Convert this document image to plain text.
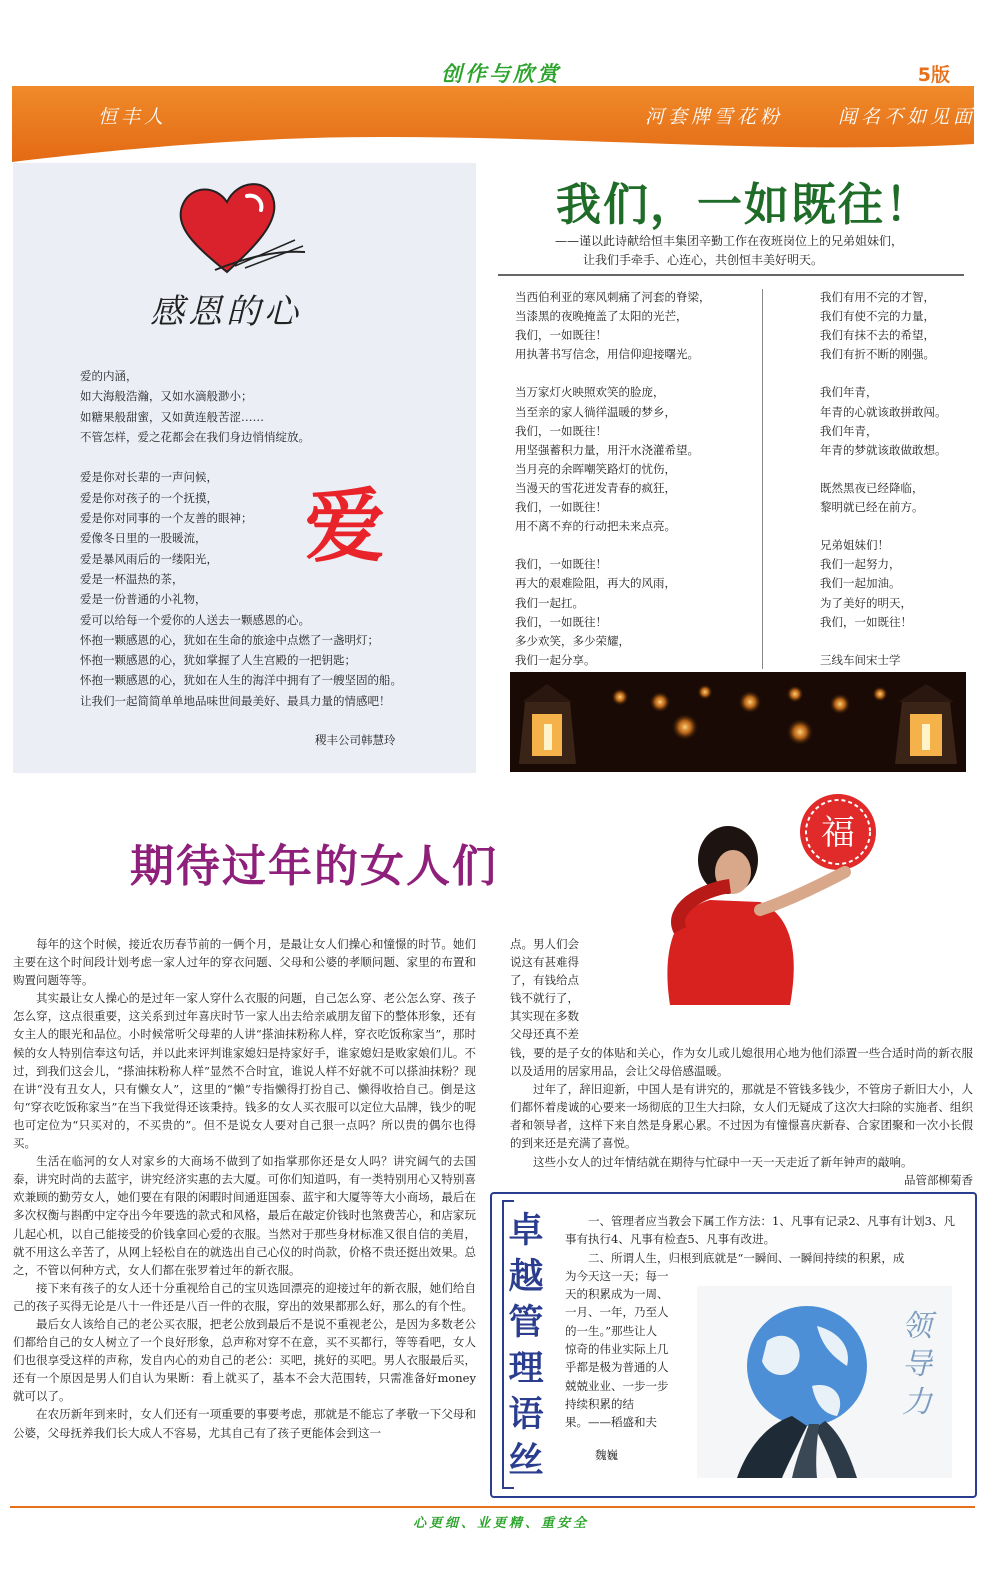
创作与欣赏	5版
恒丰人	河套牌雪花粉	闻名不如见面
感恩的心
爱的内涵，
如大海般浩瀚，又如水滴般渺小；
如糖果般甜蜜，又如黄连般苦涩……
不管怎样，爱之花都会在我们身边悄悄绽放。

爱是你对长辈的一声问候，
爱是你对孩子的一个抚摸，
爱是你对同事的一个友善的眼神；
爱像冬日里的一股暖流，
爱是暴风雨后的一缕阳光，
爱是一杯温热的茶，
爱是一份普通的小礼物，
爱可以给每一个爱你的人送去一颗感恩的心。
怀抱一颗感恩的心，犹如在生命的旅途中点燃了一盏明灯；
怀抱一颗感恩的心，犹如掌握了人生宫殿的一把钥匙；
怀抱一颗感恩的心，犹如在人生的海洋中拥有了一艘坚固的船。
让我们一起简简单单地品味世间最美好、最具力量的情感吧！
爱
稷丰公司韩慧玲
我们，一如既往！
——谨以此诗献给恒丰集团辛勤工作在夜班岗位上的兄弟姐妹们，
让我们手牵手、心连心，共创恒丰美好明天。
当西伯利亚的寒风刺痛了河套的脊梁，
当漆黑的夜晚掩盖了太阳的光芒，
我们，一如既往！
用执著书写信念，用信仰迎接曙光。

当万家灯火映照欢笑的脸庞，
当至亲的家人徜徉温暖的梦乡，
我们，一如既往！
用坚强蓄积力量，用汗水浇灌希望。
当月亮的余晖嘲笑路灯的忧伤，
当漫天的雪花迸发青春的疯狂，
我们，一如既往！
用不离不弃的行动把未来点亮。

我们，一如既往！
再大的艰难险阻，再大的风雨，
我们一起扛。
我们，一如既往！
多少欢笑，多少荣耀，
我们一起分享。
我们有用不完的才智，
我们有使不完的力量，
我们有抹不去的希望，
我们有折不断的刚强。

我们年青，
年青的心就该敢拼敢闯。
我们年青，
年青的梦就该敢做敢想。

既然黑夜已经降临，
黎明就已经在前方。

兄弟姐妹们！
我们一起努力，
我们一起加油。
为了美好的明天，
我们，一如既往！

三线车间宋士学
期待过年的女人们
福

每年的这个时候，接近农历春节前的一俩个月，是最让女人们操心和憧憬的时节。她们主要在这个时间段计划考虑一家人过年的穿衣问题、父母和公婆的孝顺问题、家里的布置和购置问题等等。

其实最让女人操心的是过年一家人穿什么衣服的问题，自己怎么穿、老公怎么穿、孩子怎么穿，这点很重要，这关系到过年喜庆时节一家人出去给亲戚朋友留下的整体形象，还有女主人的眼光和品位。小时候常听父母辈的人讲“搽油抹粉称人样，穿衣吃饭称家当”，那时候的女人特别信奉这句话，并以此来评判谁家媳妇是持家好手，谁家媳妇是败家娘们儿。不过，到我们这会儿，“搽油抹粉称人样”显然不合时宜，谁说人样不好就不可以搽油抹粉？现在讲“没有丑女人，只有懒女人”，这里的“懒”专指懒得打扮自己、懒得收拾自己。倒是这句“穿衣吃饭称家当”在当下我觉得还该秉持。钱多的女人买衣服可以定位大品牌，钱少的呢也可定位为“只买对的，不买贵的”。但不是说女人要对自己狠一点吗？所以贵的偶尔也得买。

生活在临河的女人对家乡的大商场不做到了如指掌那你还是女人吗？讲究阔气的去国泰，讲究时尚的去蓝宇，讲究经济实惠的去大厦。可你们知道吗，有一类特别用心又特别喜欢兼顾的勤劳女人，她们要在有限的闲暇时间通逛国泰、蓝宇和大厦等等大小商场，最后在多次权衡与斟酌中定夺出今年要选的款式和风格，最后在敲定价钱时也煞费苦心，和店家玩儿起心机，以自己能接受的价钱拿回心爱的衣服。当然对于那些身材标准又很自信的美眉，就不用这么辛苦了，从网上轻松自在的就选出自己心仪的时尚款，价格不贵还挺出效果。总之，不管以何种方式，女人们都在张罗着过年的新衣服。

接下来有孩子的女人还十分重视给自己的宝贝选回漂亮的迎接过年的新衣服，她们给自己的孩子买得无论是八十一件还是八百一件的衣服，穿出的效果都那么好，那么的有个性。

最后女人该给自己的老公买衣服，把老公放到最后不是说不重视老公，是因为多数老公们都给自己的女人树立了一个良好形象，总声称对穿不在意，买不买都行，等等看吧，女人们也很享受这样的声称，发自内心的劝自己的老公：买吧，挑好的买吧。男人衣服最后买，还有一个原因是男人们自认为果断：看上就买了，基本不会大范围转，只需准备好money就可以了。

在农历新年到来时，女人们还有一项重要的事要考虑，那就是不能忘了孝敬一下父母和公婆，父母抚养我们长大成人不容易，尤其自己有了孩子更能体会到这一

点。男人们会
说这有甚难得
了，有钱给点
钱不就行了，
其实现在多数
父母还真不差

钱，要的是子女的体贴和关心，作为女儿或儿媳很用心地为他们添置一些合适时尚的新衣服以及适用的居家用品，会让父母倍感温暖。

过年了，辞旧迎新，中国人是有讲究的，那就是不管钱多钱少，不管房子新旧大小，人们都怀着虔诚的心要来一场彻底的卫生大扫除，女人们无疑成了这次大扫除的实施者、组织者和领导者，这样下来自然是身累心累。不过因为有憧憬喜庆新春、合家团聚和一次小长假的到来还是充满了喜悦。

这些小女人的过年情结就在期待与忙碌中一天一天走近了新年钟声的敲响。

品管部柳菊香
卓
越
管
理
语
丝

一、管理者应当教会下属工作方法：1、凡事有记录2、凡事有计划3、凡事有执行4、凡事有检查5、凡事有改进。

二、所谓人生，归根到底就是“一瞬间、一瞬间持续的积累，成

为今天这一天；每一
天的积累成为一周、
一月、一年，乃至人
的一生。”那些让人
惊奇的伟业实际上几
乎都是极为普通的人
兢兢业业、一步一步
持续积累的结
果。——稻盛和夫
魏巍
领
导
力
心更细、业更精、重安全
